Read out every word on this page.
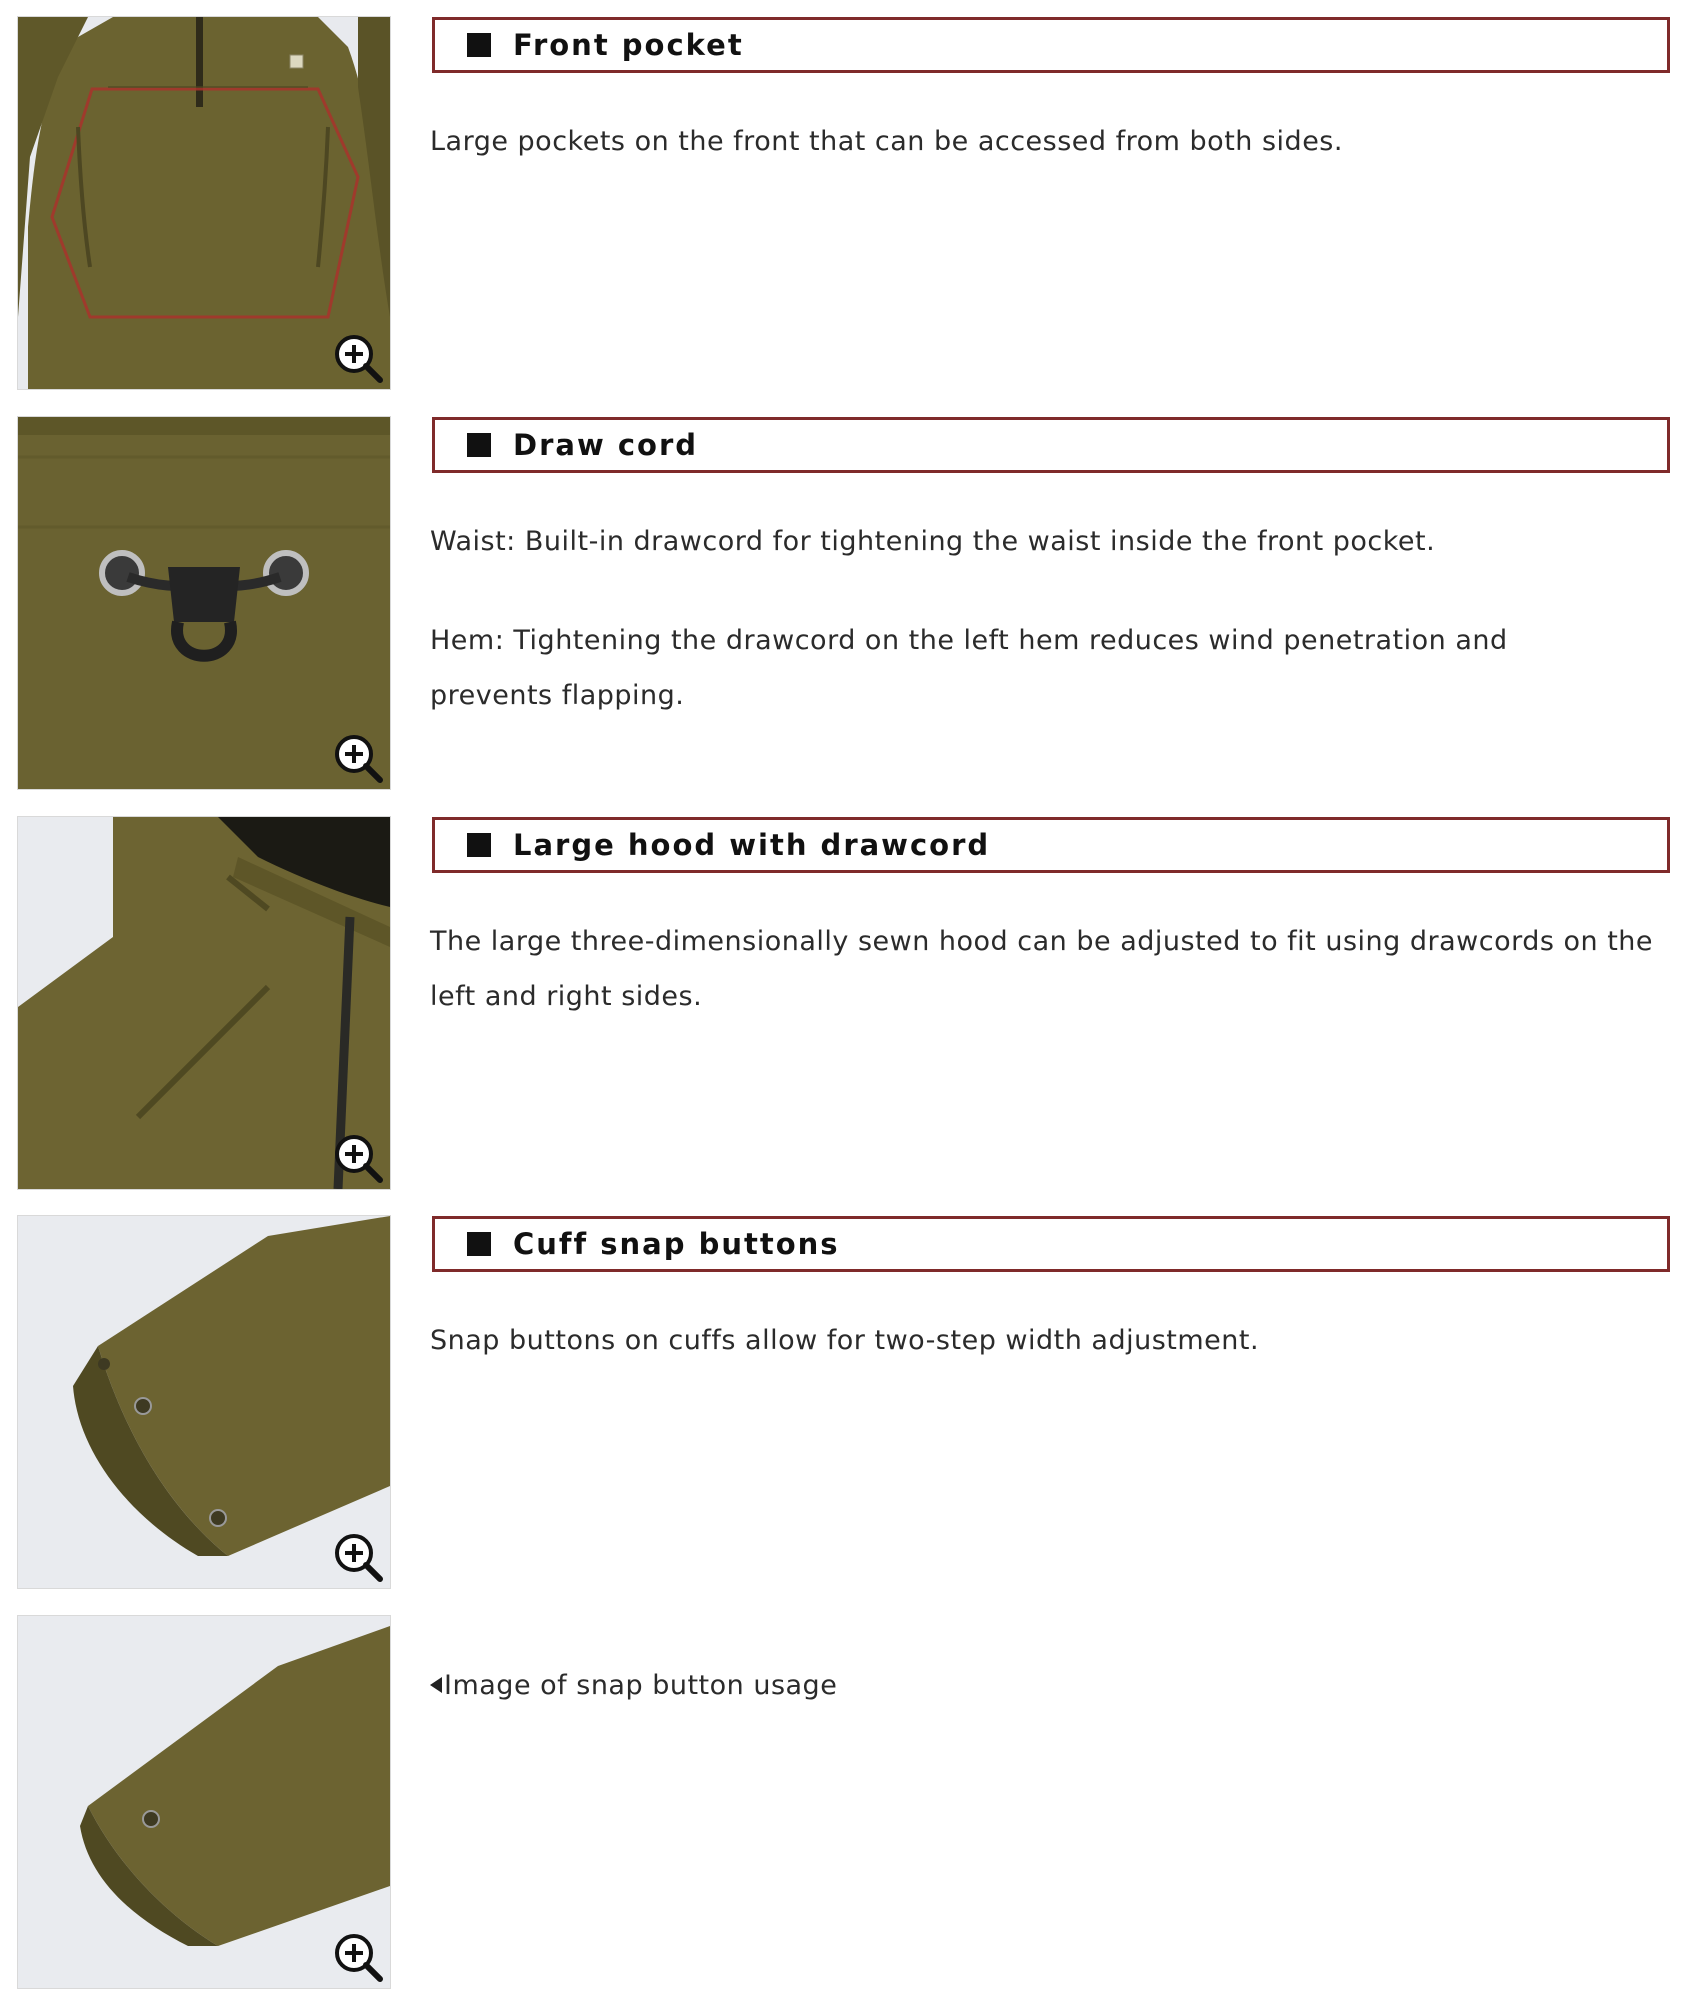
Front pocket

Large pockets on the front that can be accessed from both sides.

Draw cord

Waist: Built-in drawcord for tightening the waist inside the front pocket.

Hem: Tightening the drawcord on the left hem reduces wind penetration and prevents flapping.

Large hood with drawcord

The large three-dimensionally sewn hood can be adjusted to fit using drawcords on the left and right sides.

Cuff snap buttons

Snap buttons on cuffs allow for two-step width adjustment.

Image of snap button usage
